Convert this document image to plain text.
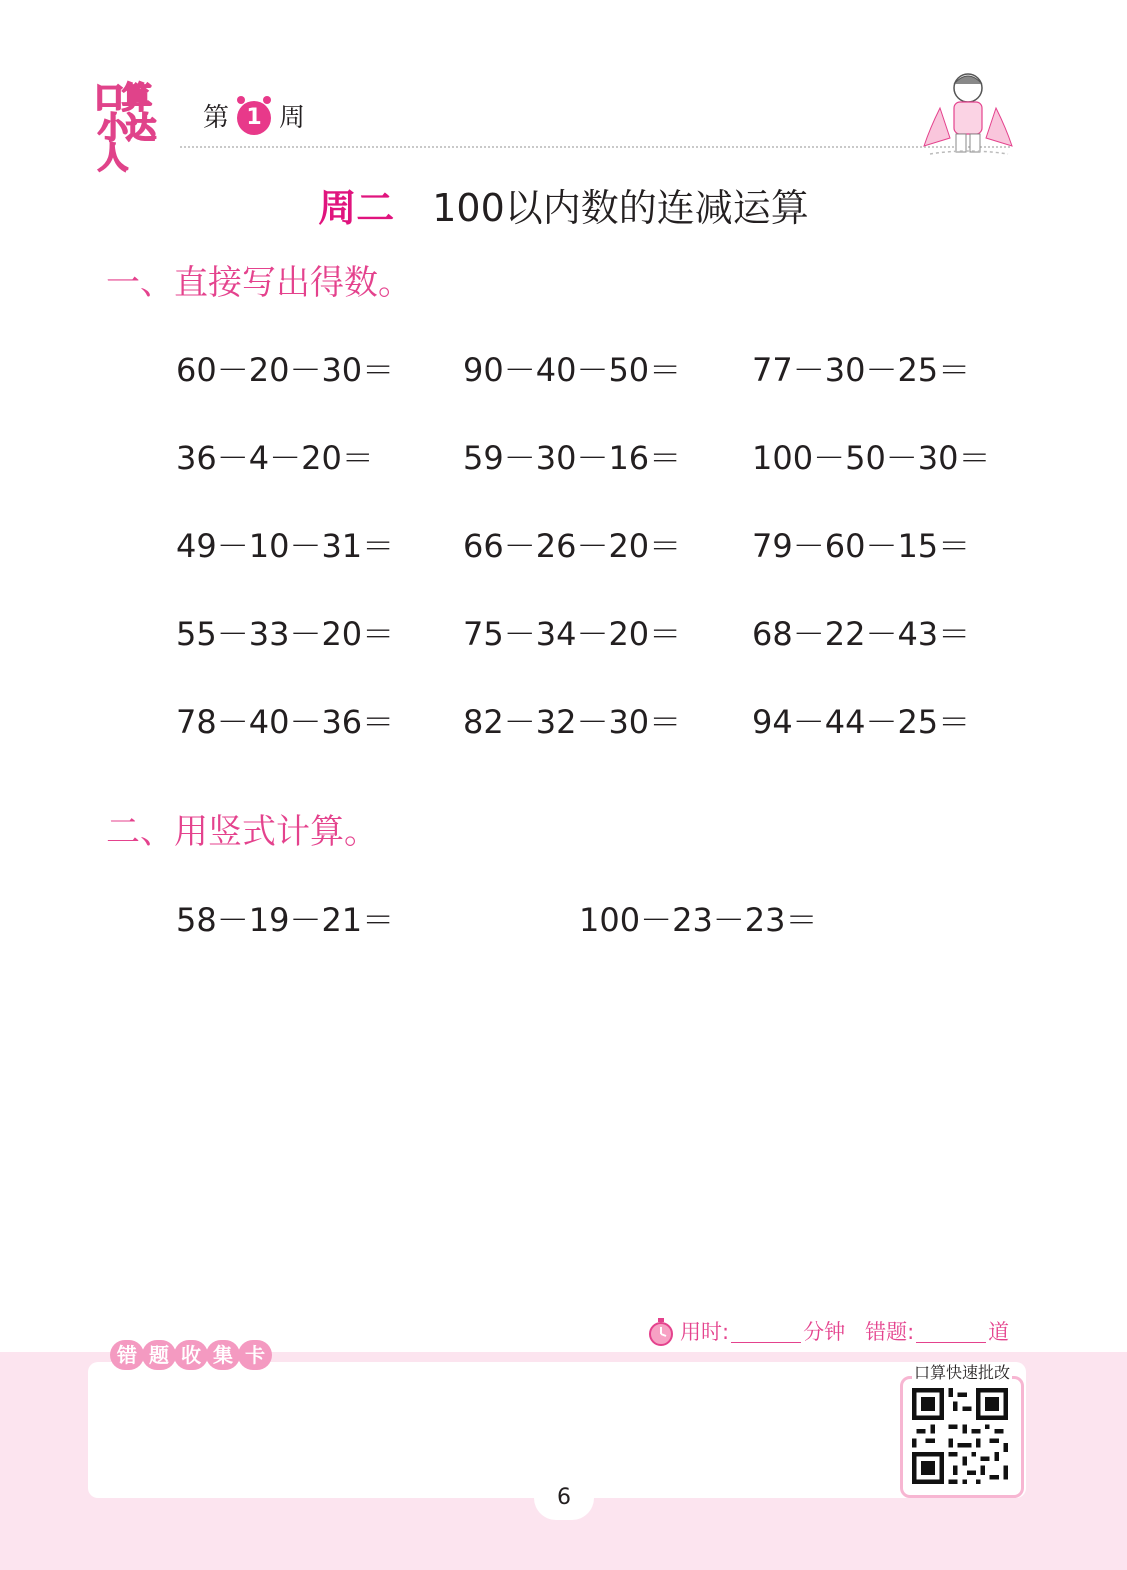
口算
小达人
第 1 周
周二 100以内数的连减运算
一、直接写出得数。
60－20－30＝ 90－40－50＝ 77－30－25＝
36－4－20＝	59－30－16＝ 100－50－30＝
49－10－31＝ 66－26－20＝ 79－60－15＝
55－33－20＝ 75－34－20＝ 68－22－43＝
78－40－36＝ 82－32－30＝ 94－44－25＝
二、用竖式计算。
58－19－21＝	100－23－23＝
用时:	分钟 错题:	道
错 题 收 集 卡
口算快速批改
6
